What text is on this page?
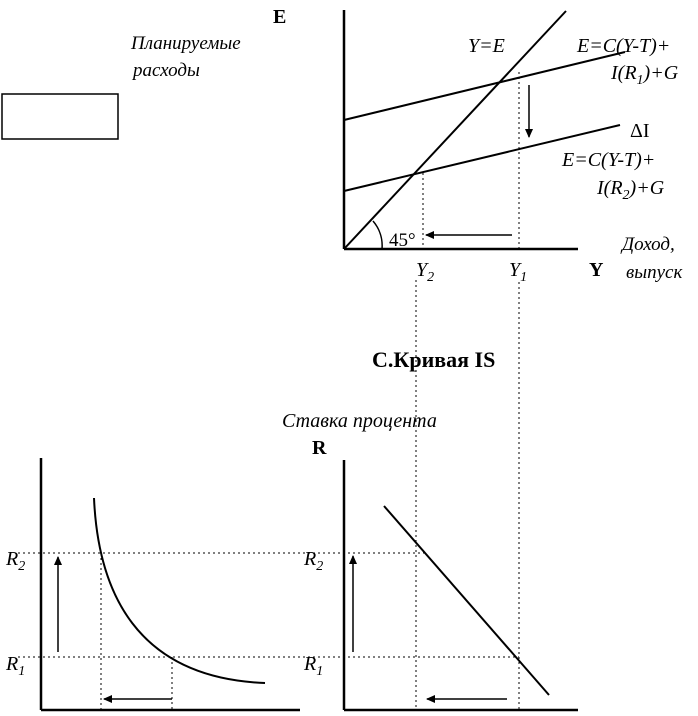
E
Планируемые
расходы
Y=E	E=C(Y-T)+
$I(R_1)+G$
ΔI
E=C(Y-T)+
$I(R_2)+G$
45°
$Y_2$	$Y_1$	Y
Доход,
выпуск
C.Кривая IS
Ставка процента
R
$R_2$
$R_1$
$R_2$
$R_1$
